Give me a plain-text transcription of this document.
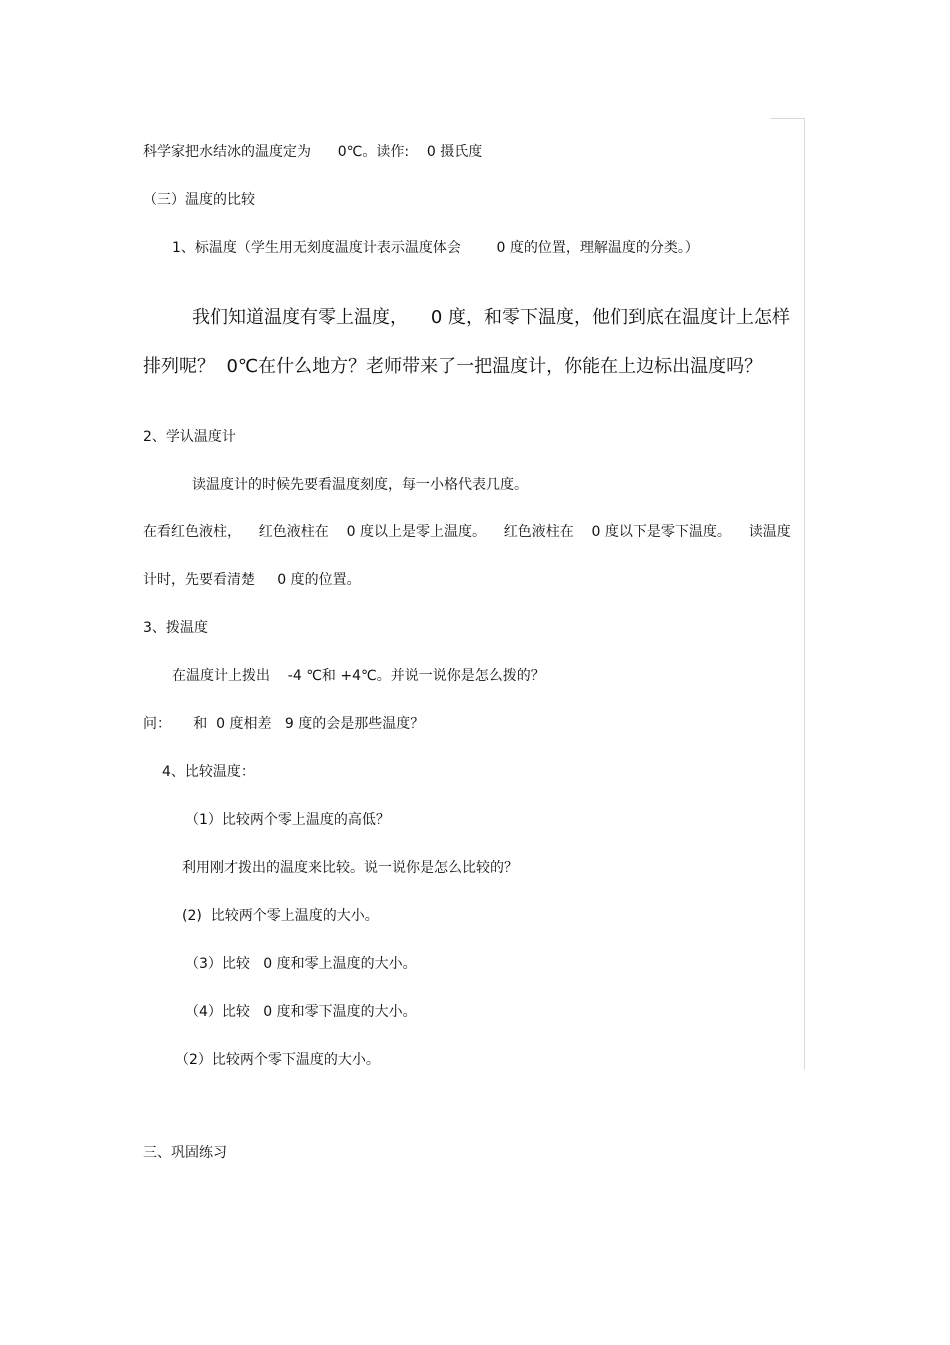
科学家把水结冰的温度定为      0℃。读作:    0 摄氏度
（三）温度的比较
1、标温度（学生用无刻度温度计表示温度体会        0 度的位置，理解温度的分类。）
我们知道温度有零上温度，    0 度，和零下温度，他们到底在温度计上怎样
排列呢？  0℃在什么地方？老师带来了一把温度计，你能在上边标出温度吗？
2、学认温度计
读温度计的时候先要看温度刻度，每一小格代表几度。
在看红色液柱，    红色液柱在    0 度以上是零上温度。    红色液柱在    0 度以下是零下温度。    读温度
计时，先要看清楚     0 度的位置。
3、拨温度
在温度计上拨出    -4 ℃和 +4℃。并说一说你是怎么拨的？
问：     和  0 度相差   9 度的会是那些温度？
4、比较温度：
（1）比较两个零上温度的高低？
利用刚才拨出的温度来比较。说一说你是怎么比较的？
(2)  比较两个零上温度的大小。
（3）比较   0 度和零上温度的大小。
（4）比较   0 度和零下温度的大小。
（2）比较两个零下温度的大小。
三、巩固练习
